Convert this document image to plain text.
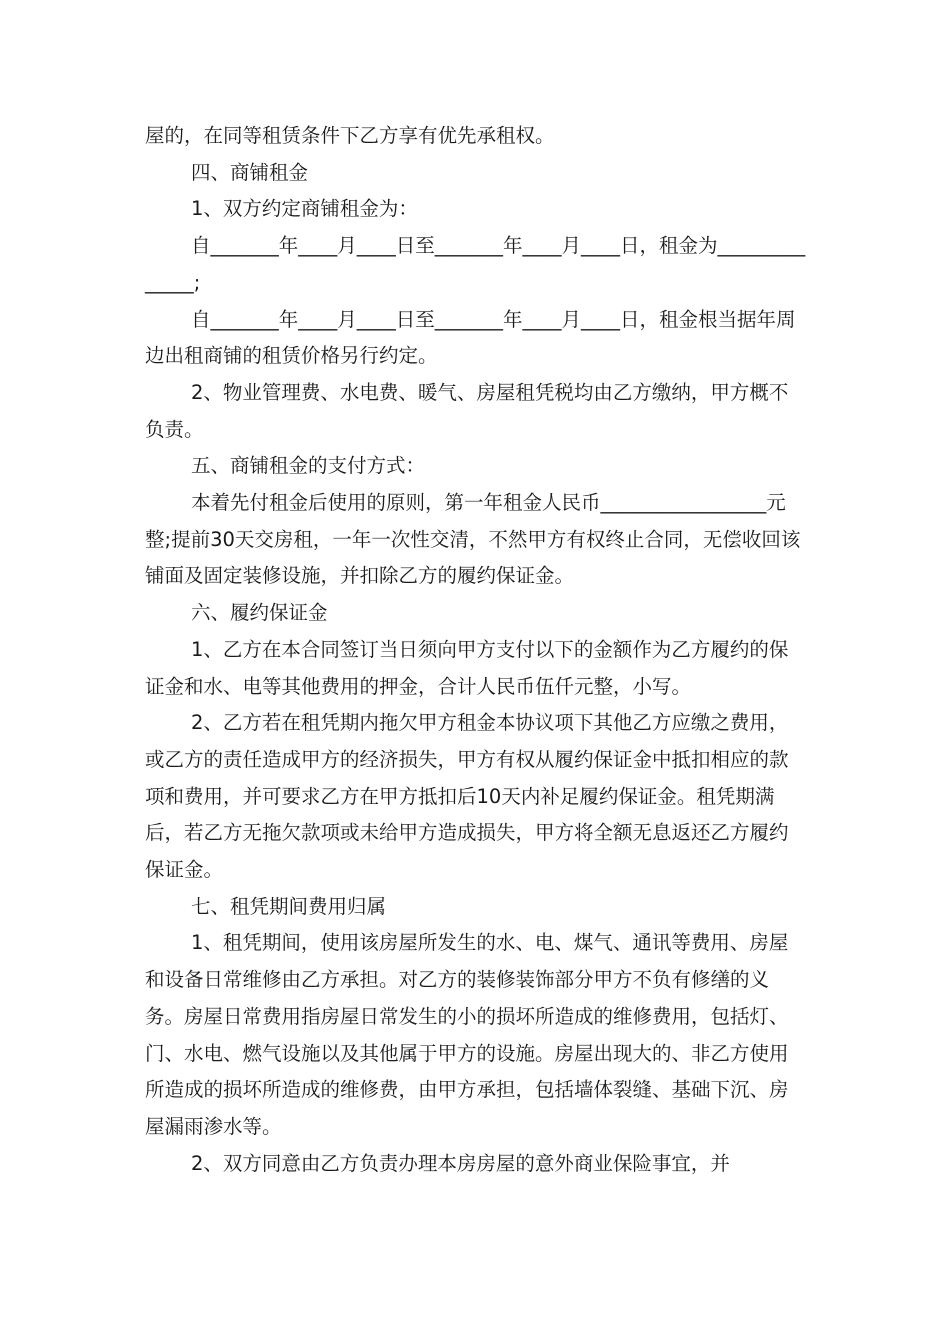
屋的，在同等租赁条件下乙方享有优先承租权。

四、商铺租金

1、双方约定商铺租金为：

自_______年____月____日至_______年____月____日，租金为______________;

自_______年____月____日至_______年____月____日，租金根当据年周边出租商铺的租赁价格另行约定。

2、物业管理费、水电费、暖气、房屋租凭税均由乙方缴纳，甲方概不负责。

五、商铺租金的支付方式：

本着先付租金后使用的原则，第一年租金人民币_________________元整;提前30天交房租，一年一次性交清，不然甲方有权终止合同，无偿收回该铺面及固定装修设施，并扣除乙方的履约保证金。

六、履约保证金

1、乙方在本合同签订当日须向甲方支付以下的金额作为乙方履约的保证金和水、电等其他费用的押金，合计人民币伍仟元整，小写。

2、乙方若在租凭期内拖欠甲方租金本协议项下其他乙方应缴之费用，或乙方的责任造成甲方的经济损失，甲方有权从履约保证金中抵扣相应的款项和费用，并可要求乙方在甲方抵扣后10天内补足履约保证金。租凭期满后，若乙方无拖欠款项或未给甲方造成损失，甲方将全额无息返还乙方履约保证金。

七、租凭期间费用归属

1、租凭期间，使用该房屋所发生的水、电、煤气、通讯等费用、房屋和设备日常维修由乙方承担。对乙方的装修装饰部分甲方不负有修缮的义务。房屋日常费用指房屋日常发生的小的损坏所造成的维修费用，包括灯、门、水电、燃气设施以及其他属于甲方的设施。房屋出现大的、非乙方使用所造成的损坏所造成的维修费，由甲方承担，包括墙体裂缝、基础下沉、房屋漏雨渗水等。

2、双方同意由乙方负责办理本房房屋的意外商业保险事宜，并
